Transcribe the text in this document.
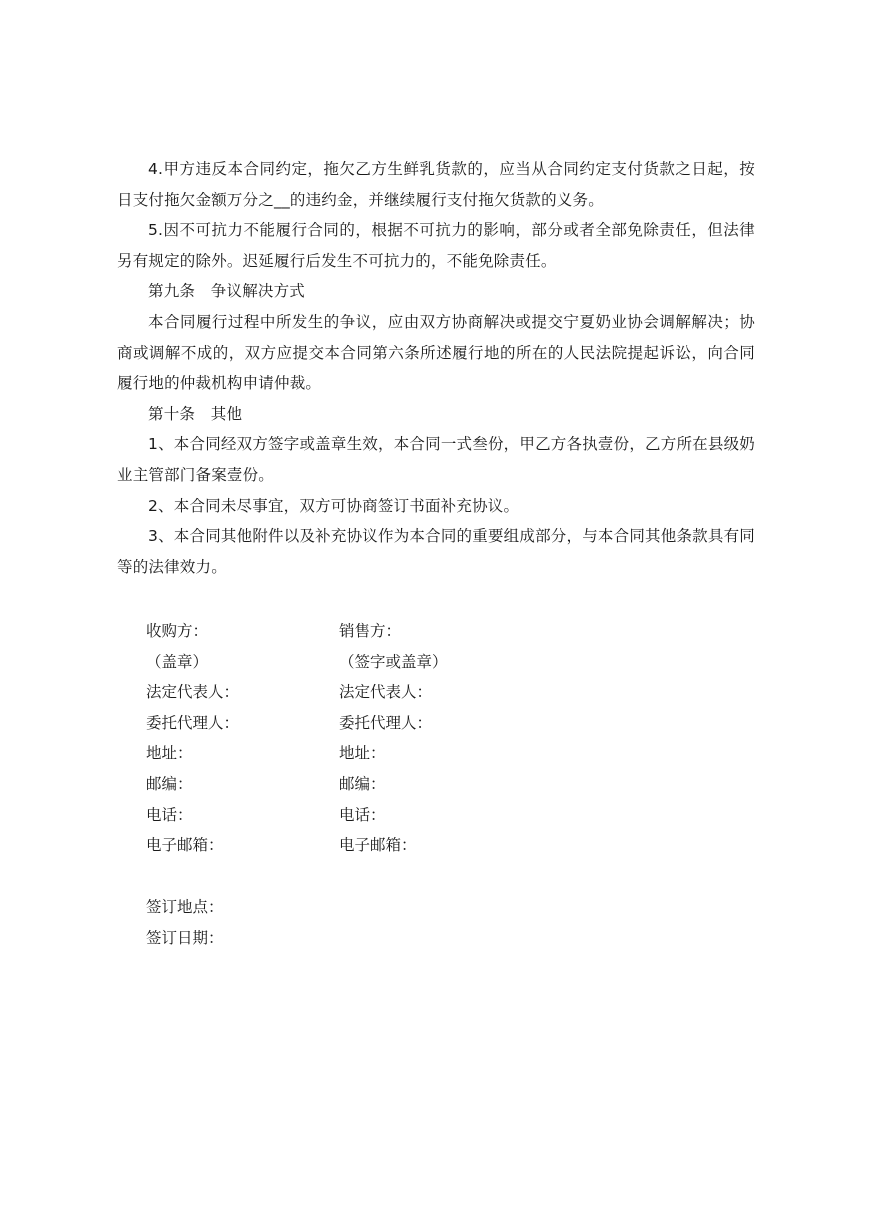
4.甲方违反本合同约定，拖欠乙方生鲜乳货款的，应当从合同约定支付货款之日起，按日支付拖欠金额万分之__的违约金，并继续履行支付拖欠货款的义务。

5.因不可抗力不能履行合同的，根据不可抗力的影响，部分或者全部免除责任，但法律另有规定的除外。迟延履行后发生不可抗力的，不能免除责任。

第九条　争议解决方式

本合同履行过程中所发生的争议，应由双方协商解决或提交宁夏奶业协会调解解决；协商或调解不成的，双方应提交本合同第六条所述履行地的所在的人民法院提起诉讼，向合同履行地的仲裁机构申请仲裁。

第十条　其他

1、本合同经双方签字或盖章生效，本合同一式叁份，甲乙方各执壹份，乙方所在县级奶业主管部门备案壹份。

2、本合同未尽事宜，双方可协商签订书面补充协议。

3、本合同其他附件以及补充协议作为本合同的重要组成部分，与本合同其他条款具有同等的法律效力。

收购方：	销售方：
（盖章）	（签字或盖章）
法定代表人：	法定代表人：
委托代理人：	委托代理人：
地址：	地址：
邮编：	邮编：
电话：	电话：
电子邮箱：	电子邮箱：
签订地点：
签订日期：
